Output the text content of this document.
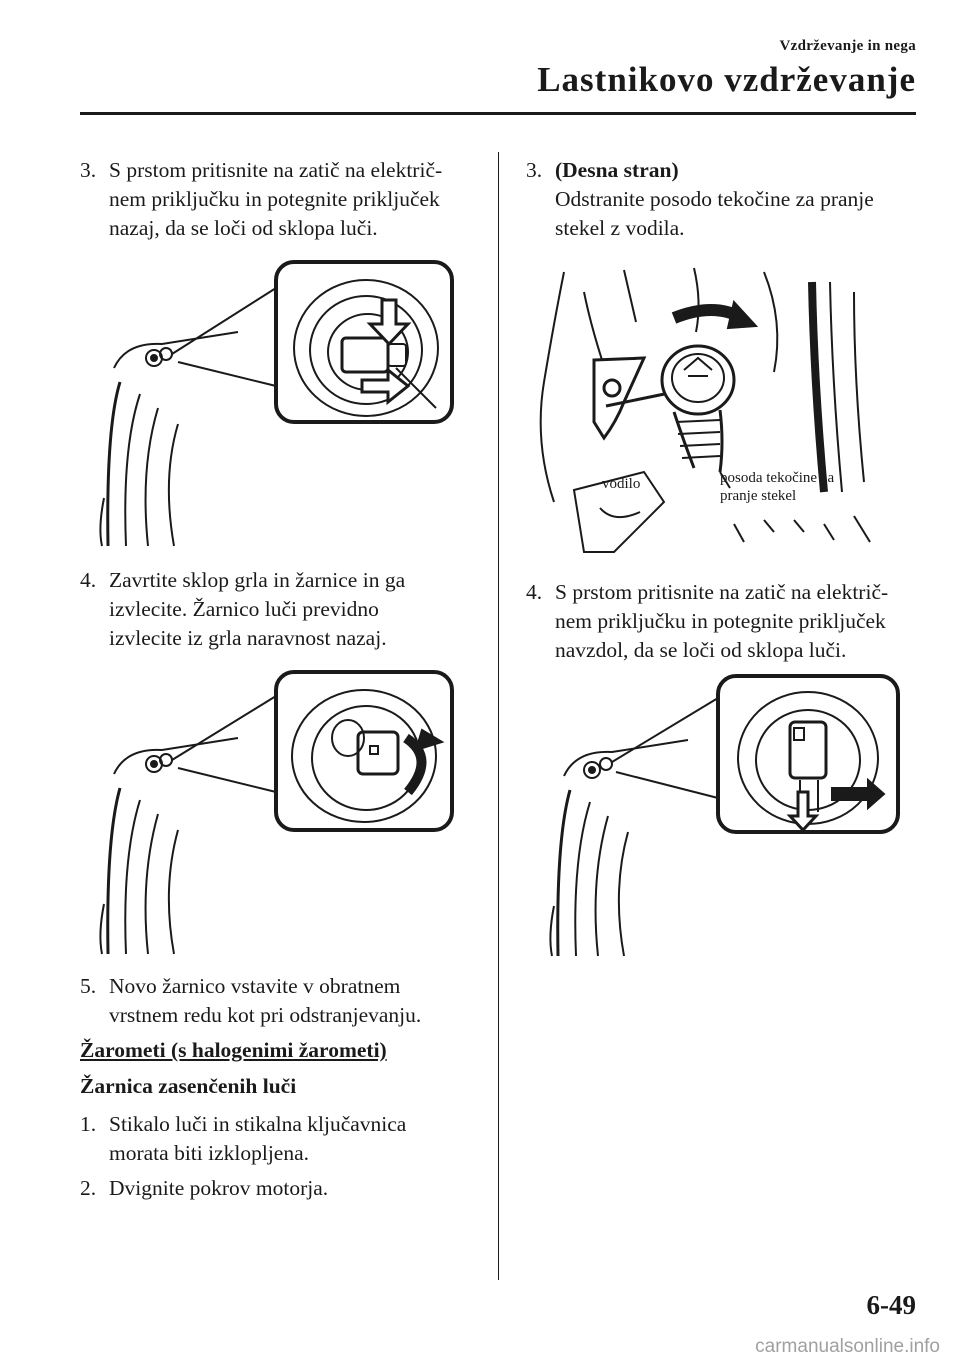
Vzdrževanje in nega
Lastnikovo vzdrževanje
3. S prstom pritisnite na zatič na električ-
nem priključku in potegnite priključek
nazaj, da se loči od sklopa luči.
4. Zavrtite sklop grla in žarnice in ga
izvlecite. Žarnico luči previdno
izvlecite iz grla naravnost nazaj.
5. Novo žarnico vstavite v obratnem
vrstnem redu kot pri odstranjevanju.
Žarometi (s halogenimi žarometi)
Žarnica zasenčenih luči
1. Stikalo luči in stikalna ključavnica
morata biti izklopljena.
2. Dvignite pokrov motorja.
3. (Desna stran)
Odstranite posodo tekočine za pranje
stekel z vodila.
vodilo	posoda tekočine za
pranje stekel
4. S prstom pritisnite na zatič na električ-
nem priključku in potegnite priključek
navzdol, da se loči od sklopa luči.
6-49
carmanualsonline.info
